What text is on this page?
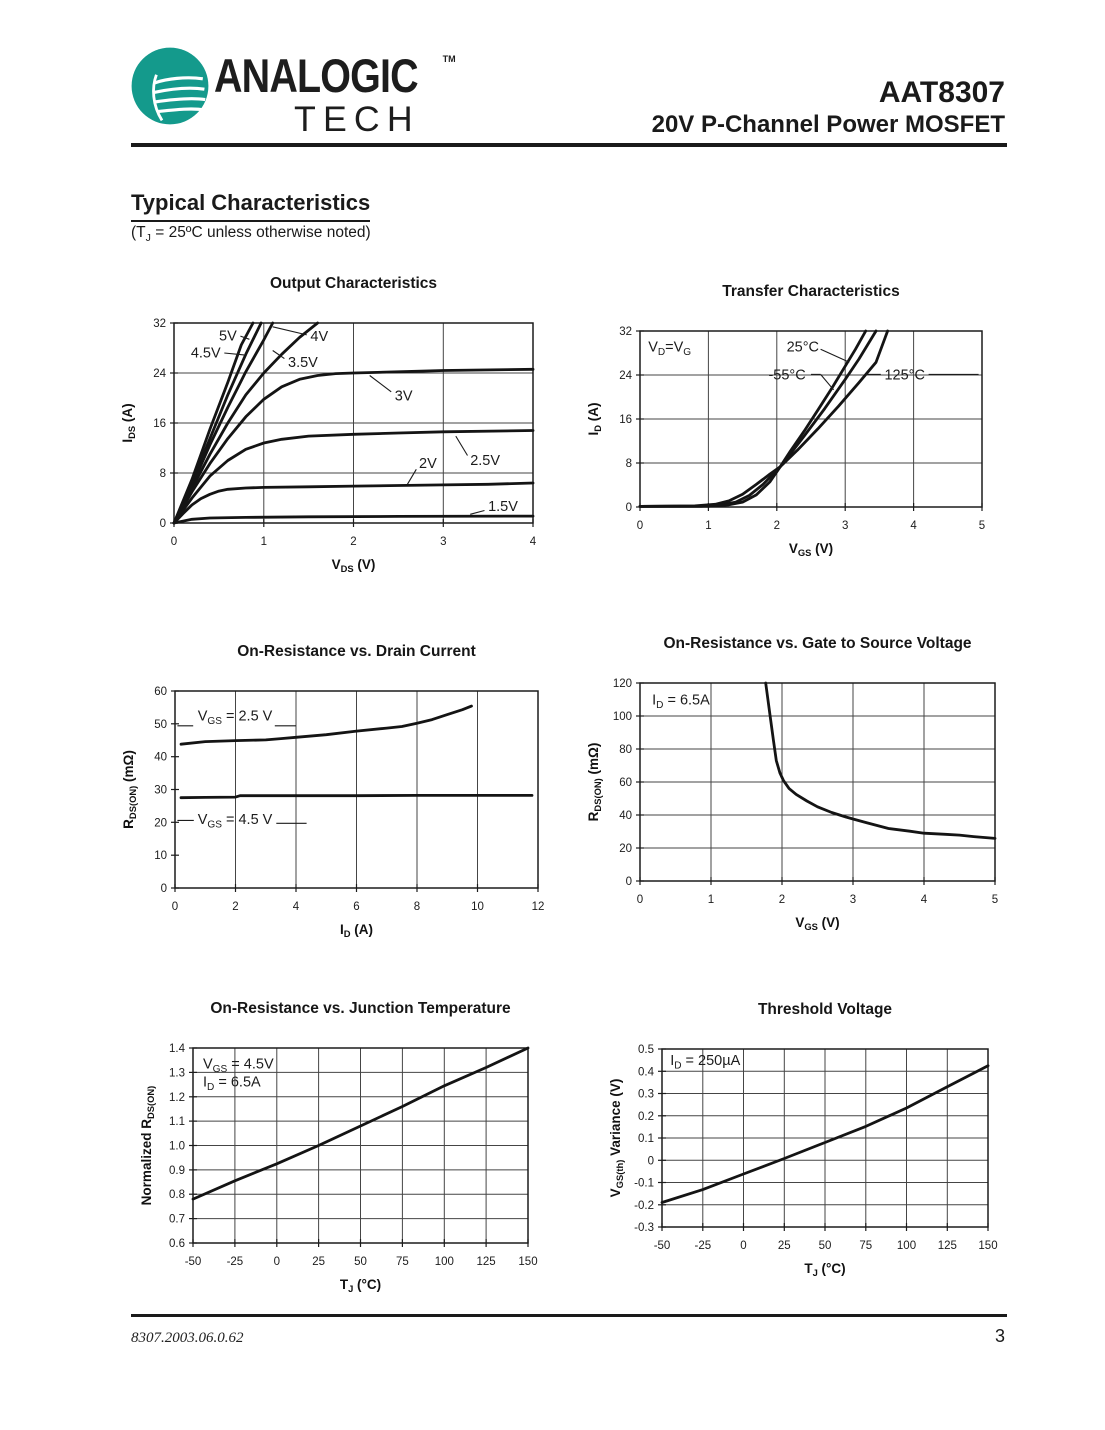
ANALOGIC	™
TECH
AAT8307
20V P-Channel Power MOSFET
Typical Characteristics
($T_J$ = 25ºC unless otherwise noted)
Output Characteristics
0	1	2	3	4
0
8
16
24
32
5V
4.5V
4V
3.5V
3V
2.5V
2V
1.5V
$V_{DS}$ (V)
$I_{DS}$ (A)
Transfer Characteristics
0	1	2	3	4	5
0
8
16
24
32
$V_D=V_G$	25°C
-55°C	125°C
$V_{GS}$ (V)
$I_D$ (A)
On-Resistance vs. Drain Current
0	2	4	6	8	10	12
0
10
20
30
40
50
60
$V_{GS} = 2.5$ V
$V_{GS} = 4.5$ V
$I_D$ (A)
$R_{DS(ON)}$ (mΩ)
On-Resistance vs. Gate to Source Voltage
0	1	2	3	4	5
0
20
40
60
80
100
120
$I_D = 6.5A$
$V_{GS}$ (V)
$R_{DS(ON)}$ (mΩ)
On-Resistance vs. Junction Temperature
-50 -25	0	25	50	75 100 125 150
0.6
0.7
0.8
0.9
1.0
1.1
1.2
1.3
1.4
$V_{GS} = 4.5V$
$I_D = 6.5A$
$T_J$ (°C)
Normalized $R_{DS(ON)}$
Threshold Voltage
-50 -25	0	25 50 75 100 125 150
-0.3
-0.2
-0.1
0
0.1
0.2
0.3
0.4
0.5
$I_D = 250\mu A$
$T_J$ (°C)
$V_{GS(th)}$ Variance (V)
8307.2003.06.0.62	3
